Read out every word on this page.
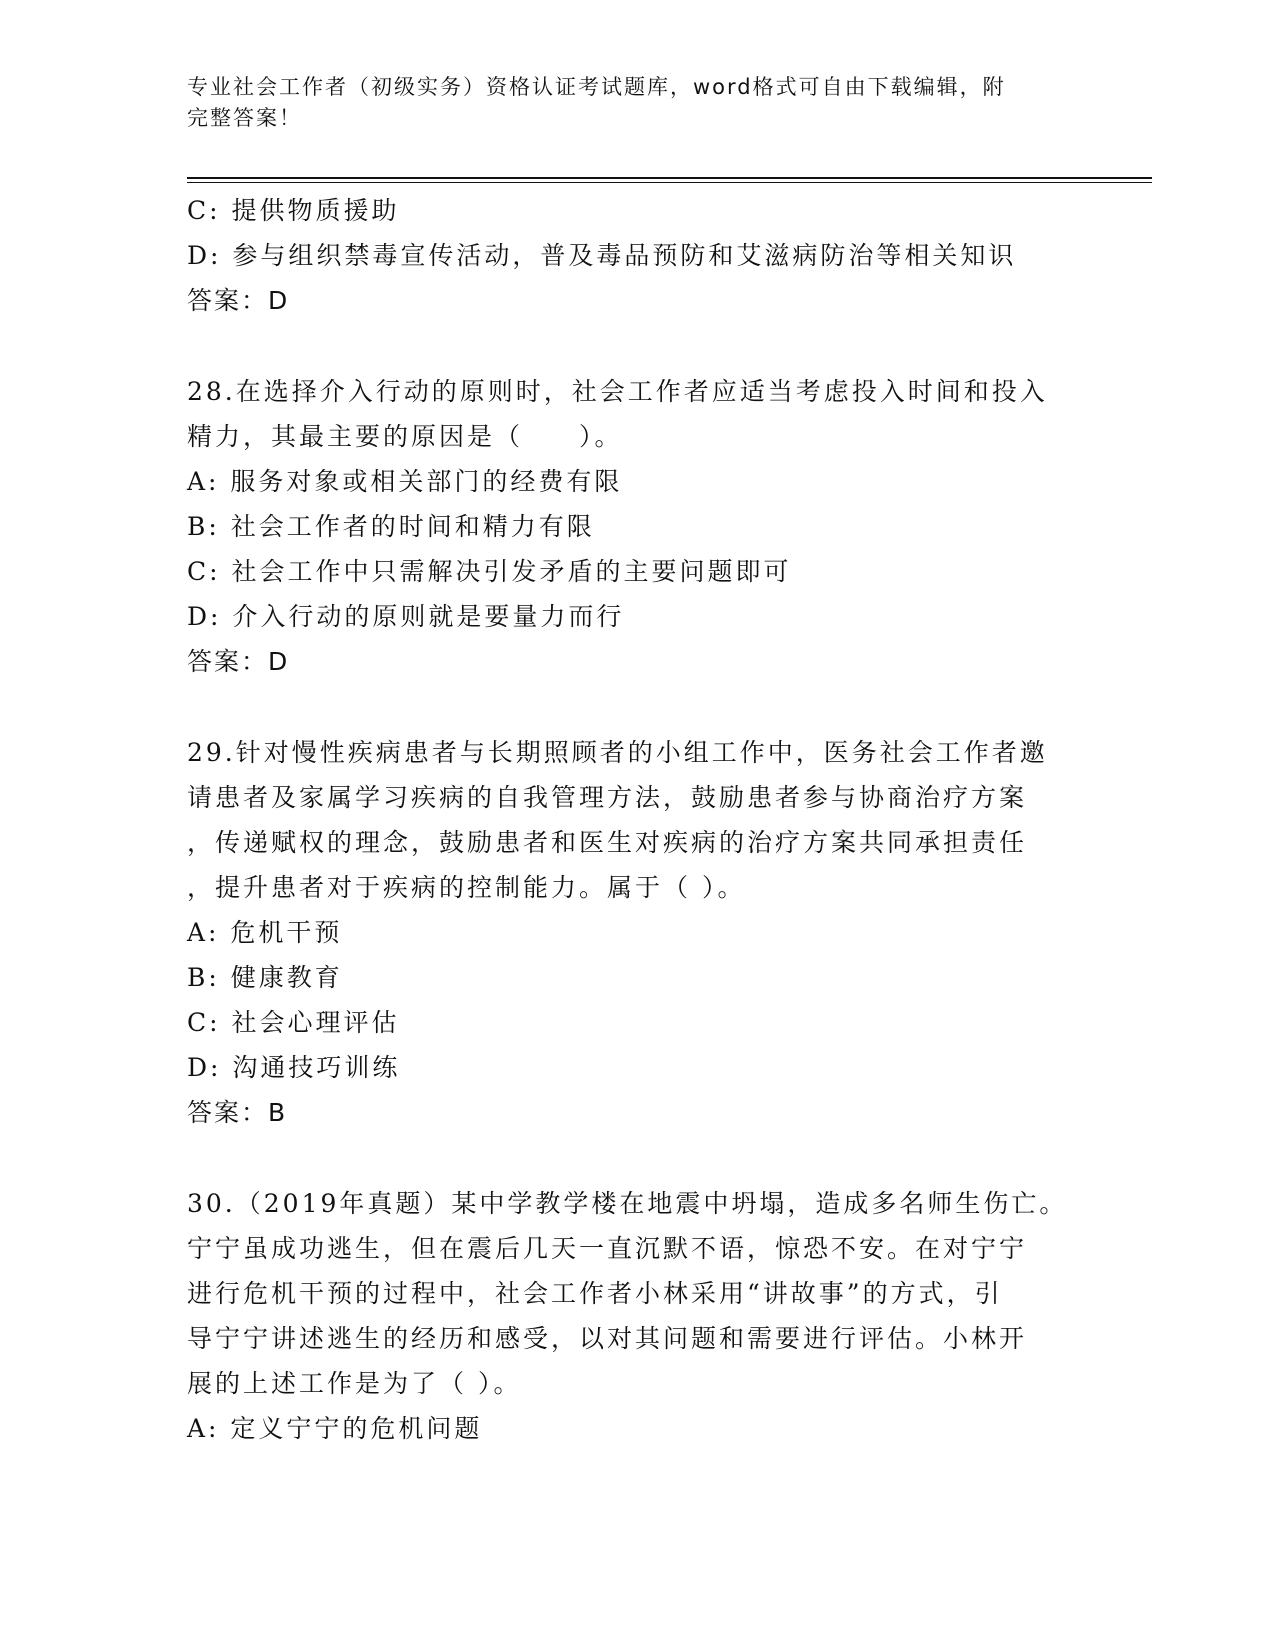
专业社会工作者（初级实务）资格认证考试题库，word格式可自由下载编辑，附
完整答案！
C: 提供物质援助
D: 参与组织禁毒宣传活动，普及毒品预防和艾滋病防治等相关知识
答案：D
28.在选择介入行动的原则时，社会工作者应适当考虑投入时间和投入
精力，其最主要的原因是（　　）。
A: 服务对象或相关部门的经费有限
B: 社会工作者的时间和精力有限
C: 社会工作中只需解决引发矛盾的主要问题即可
D: 介入行动的原则就是要量力而行
答案：D
29.针对慢性疾病患者与长期照顾者的小组工作中，医务社会工作者邀
请患者及家属学习疾病的自我管理方法，鼓励患者参与协商治疗方案
，传递赋权的理念，鼓励患者和医生对疾病的治疗方案共同承担责任
，提升患者对于疾病的控制能力。属于（ ）。
A: 危机干预
B: 健康教育
C: 社会心理评估
D: 沟通技巧训练
答案：B
30.（2019年真题）某中学教学楼在地震中坍塌，造成多名师生伤亡。
宁宁虽成功逃生，但在震后几天一直沉默不语，惊恐不安。在对宁宁
进行危机干预的过程中，社会工作者小林采用“讲故事”的方式，引
导宁宁讲述逃生的经历和感受，以对其问题和需要进行评估。小林开
展的上述工作是为了（ ）。
A: 定义宁宁的危机问题
